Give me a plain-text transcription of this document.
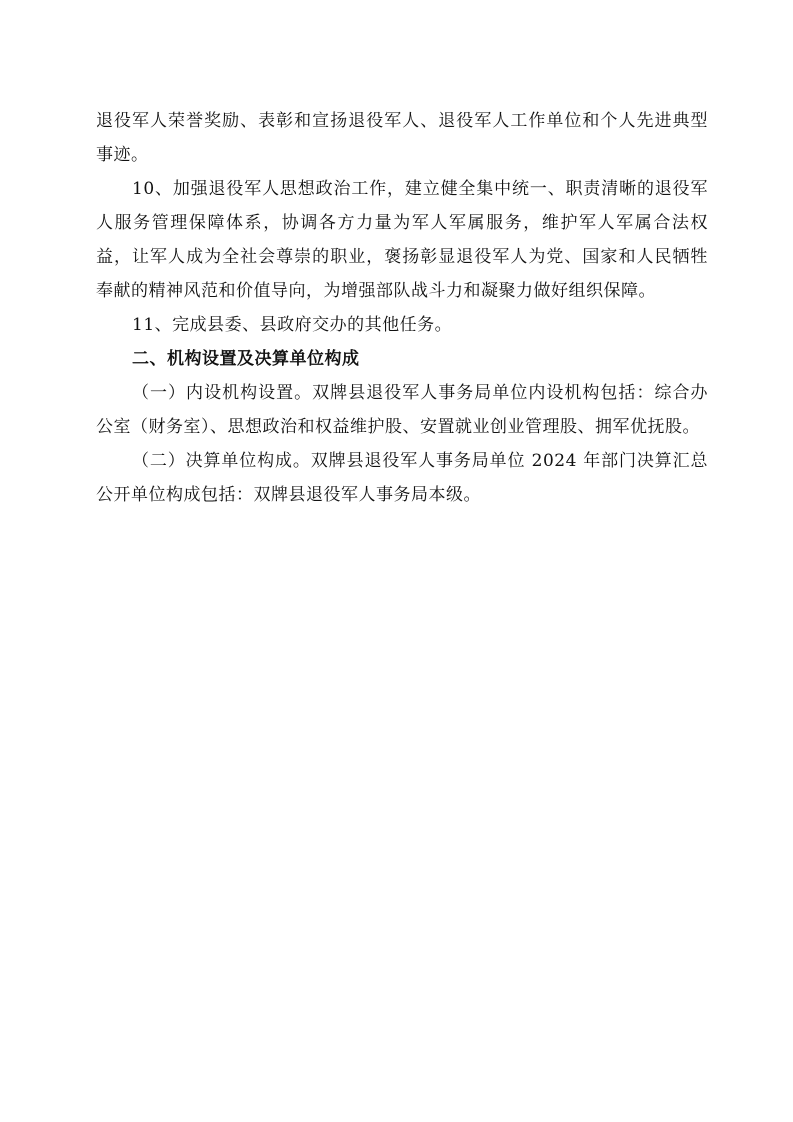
退役军人荣誉奖励、表彰和宣扬退役军人、退役军人工作单位和个人先进典型事迹。

10、加强退役军人思想政治工作，建立健全集中统一、职责清晰的退役军人服务管理保障体系，协调各方力量为军人军属服务，维护军人军属合法权益，让军人成为全社会尊崇的职业，褒扬彰显退役军人为党、国家和人民牺牲奉献的精神风范和价值导向，为增强部队战斗力和凝聚力做好组织保障。

11、完成县委、县政府交办的其他任务。

二、机构设置及决算单位构成

（一）内设机构设置。双牌县退役军人事务局单位内设机构包括：综合办公室（财务室）、思想政治和权益维护股、安置就业创业管理股、拥军优抚股。

（二）决算单位构成。双牌县退役军人事务局单位 2024 年部门决算汇总公开单位构成包括：双牌县退役军人事务局本级。
